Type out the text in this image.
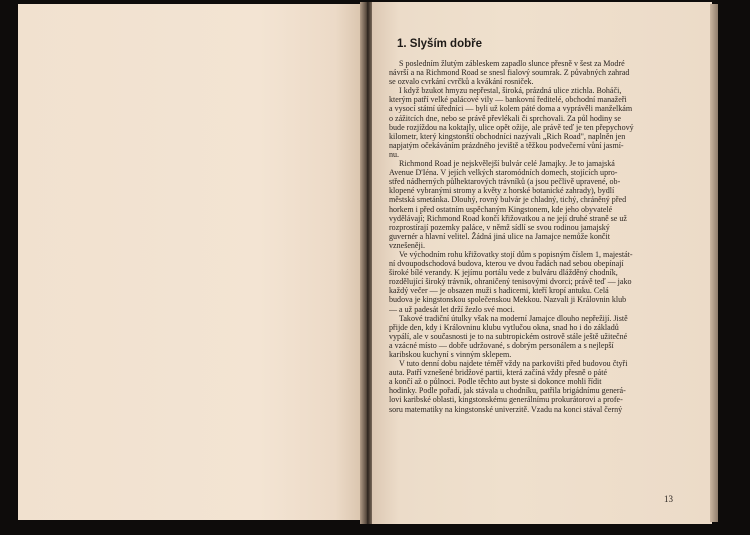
1. Slyším dobře
S posledním žlutým záblеskem zapadlo slunce přesně v šest za Modré
návrší a na Richmond Road se snesl fialový soumrak. Z půvabných zahrad
se ozvalo cvrkání cvrčků a kvákání rosniček.
I když bzukot hmyzu nepřestal, široká, prázdná ulice ztichla. Boháči,
kterým patří velké palácové vily — bankovní ředitelé, obchodní manažeři
a vysocí státní úředníci — byli už kolem páté doma a vyprávěli manželkám
o zážitcích dne, nebo se právě převlékali či sprchovali. Za půl hodiny se
bude rozjíždou na koktajly, ulice opět ožije, ale právě teď je ten přepychový
kilometr, který kingstonští obchodníci nazývali „Rich Road", naplněn jen
napjatým očekáváním prázdného jeviště a těžkou podvečerní vůní jasmí-
nu.
Richmond Road je nejskvělejší bulvár celé Jamajky. Je to jamajská
Avenue D'Iéna. V jejích velkých staromódních domech, stojících upro-
střed nádherných půlhektarových trávníků (a jsou pečlivě upravené, ob-
klopené vybranými stromy a květy z horské botanické zahrady), bydlí
městská smetánka. Dlouhý, rovný bulvár je chladný, tichý, chráněný před
horkem i před ostatním uspěchaným Kingstonem, kde jeho obyvatelé
vydělávají; Richmond Road končí křižovatkou a ne její druhé straně se už
rozprostírají pozemky paláce, v němž sídlí se svou rodinou jamajský
guvernér a hlavní velitel. Žádná jiná ulice na Jamajce nemůže končit
vznešeněji.
Ve východním rohu křižovatky stojí dům s popisným číslem 1, majestát-
ní dvoupodschodová budova, kterou ve dvou řadách nad sebou obepínají
široké bílé verandy. K jejímu portálu vede z bulváru dlážděný chodník,
rozdělující široký trávník, ohraničený tenisovými dvorci; právě teď — jako
každý večer — je obsazen muži s hadicemi, kteří kropí antuku. Celá
budova je kingstonskou společenskou Mekkou. Nazvali ji Královnin klub
— a už padesát let drží žezlo své moci.
Takové tradiční útulky však na moderní Jamajce dlouho nepřežijí. Jistě
přijde den, kdy i Královninu klubu vytlučou okna, snad ho i do základů
vypálí, ale v současnosti je to na subtropickém ostrově stále ještě užitečné
a vzácné místo — dobře udržované, s dobrým personálem a s nejlepší
karibskou kuchyní s vinným sklepem.
V tuto denní dobu najdete téměř vždy na parkovišti před budovou čtyři
auta. Patří vznešené bridžové partii, která začíná vždy přesně o páté
a končí až o půlnoci. Podle těchto aut byste si dokonce mohli řídit
hodinky. Podle pořadí, jak stávala u chodníku, patřila brigádnímu generá-
lovi karibské oblasti, kingstonskému generálnímu prokurátorovi a profe-
soru matematiky na kingstonské univerzitě. Vzadu na konci stával černý
13
